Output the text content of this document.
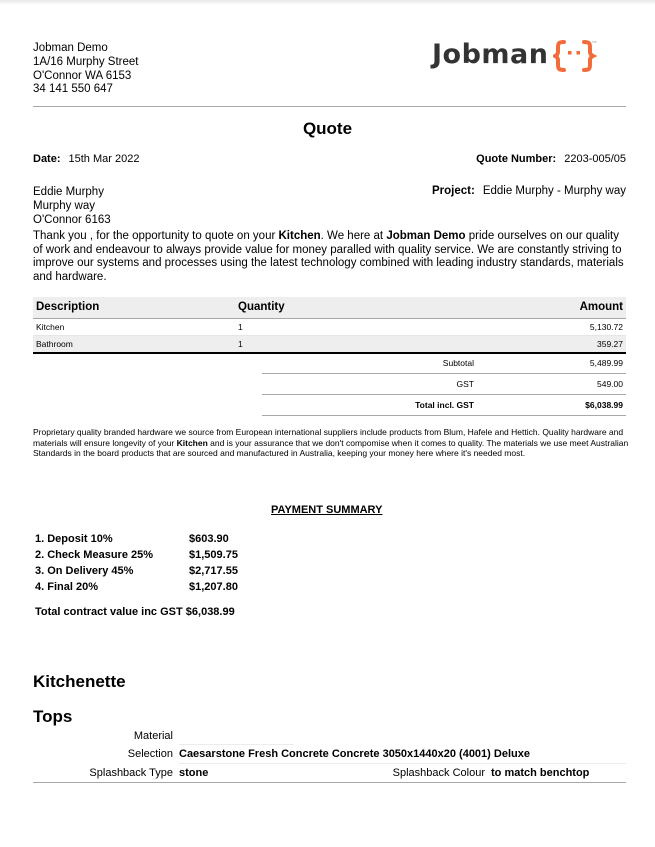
Jobman Demo
1A/16 Murphy Street
O'Connor WA 6153
34 141 550 647
Jobman	TM
Quote
Date: 15th Mar 2022	Quote Number: 2203-005/05
Eddie Murphy
Murphy way
O'Connor 6163
Project: Eddie Murphy - Murphy way
Thank you , for the opportunity to quote on your Kitchen. We here at Jobman Demo pride ourselves on our quality of work and endeavour to always provide value for money paralled with quality service. We are constantly striving to improve our systems and processes using the latest technology combined with leading industry standards, materials and hardware.
Description	Quantity	Amount
Kitchen	1	5,130.72
Bathroom	1	359.27
Subtotal	5,489.99
GST	549.00
Total incl. GST	$6,038.99
Proprietary quality branded hardware we source from European international suppliers include products from Blum, Hafele and Hettich. Quality hardware and materials will ensure longevity of your Kitchen and is your assurance that we don't compomise when it comes to quality. The materials we use meet Australian Standards in the board products that are sourced and manufactured in Australia, keeping your money here where it's needed most.
PAYMENT SUMMARY
1. Deposit 10%	$603.90
2. Check Measure 25%	$1,509.75
3. On Delivery 45%	$2,717.55
4. Final 20%	$1,207.80
Total contract value inc GST $6,038.99
Kitchenette
Tops
Material
Selection Caesarstone Fresh Concrete Concrete 3050x1440x20 (4001) Deluxe
Splashback Type stone	Splashback Colour to match benchtop
